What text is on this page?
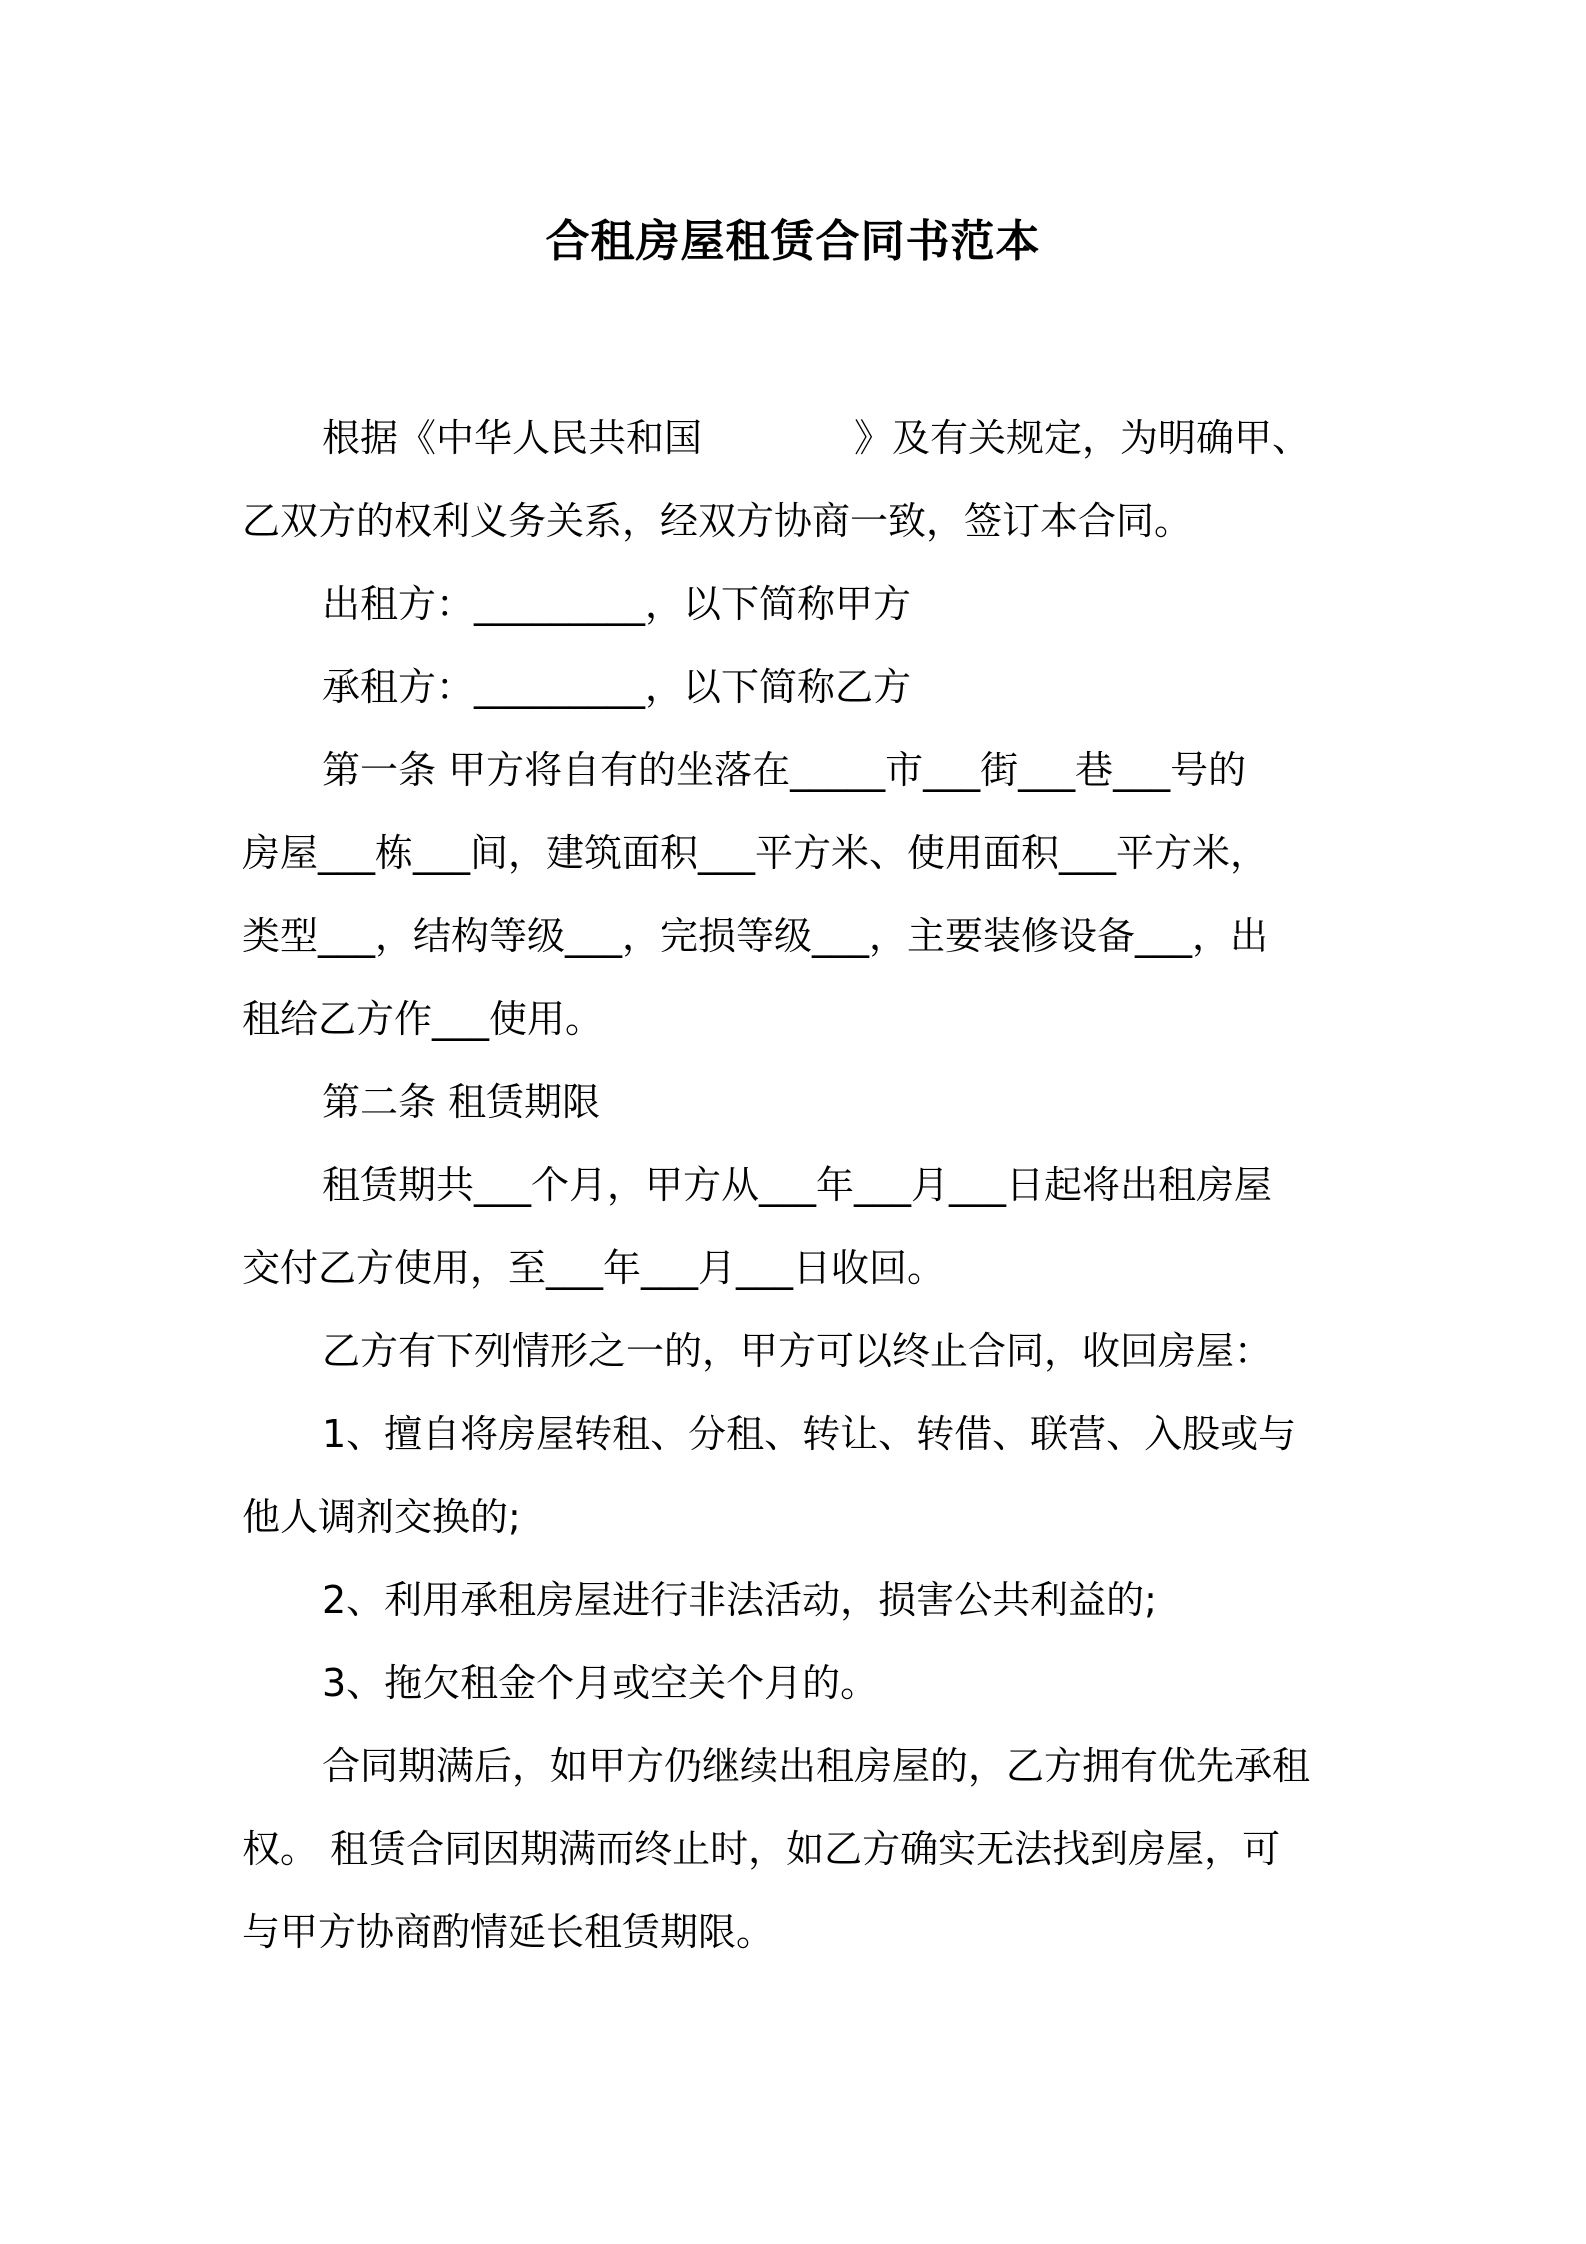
合租房屋租赁合同书范本
根据《中华人民共和国　　　　》及有关规定，为明确甲、
乙双方的权利义务关系，经双方协商一致，签订本合同。
出租方：_________，以下简称甲方
承租方：_________，以下简称乙方
第一条 甲方将自有的坐落在_____市___街___巷___号的
房屋___栋___间，建筑面积___平方米、使用面积___平方米，
类型___，结构等级___，完损等级___，主要装修设备___，出
租给乙方作___使用。
第二条 租赁期限
租赁期共___个月，甲方从___年___月___日起将出租房屋
交付乙方使用，至___年___月___日收回。
乙方有下列情形之一的，甲方可以终止合同，收回房屋：
1、擅自将房屋转租、分租、转让、转借、联营、入股或与
他人调剂交换的;
2、利用承租房屋进行非法活动，损害公共利益的;
3、拖欠租金个月或空关个月的。
合同期满后，如甲方仍继续出租房屋的，乙方拥有优先承租
权。 租赁合同因期满而终止时，如乙方确实无法找到房屋，可
与甲方协商酌情延长租赁期限。
